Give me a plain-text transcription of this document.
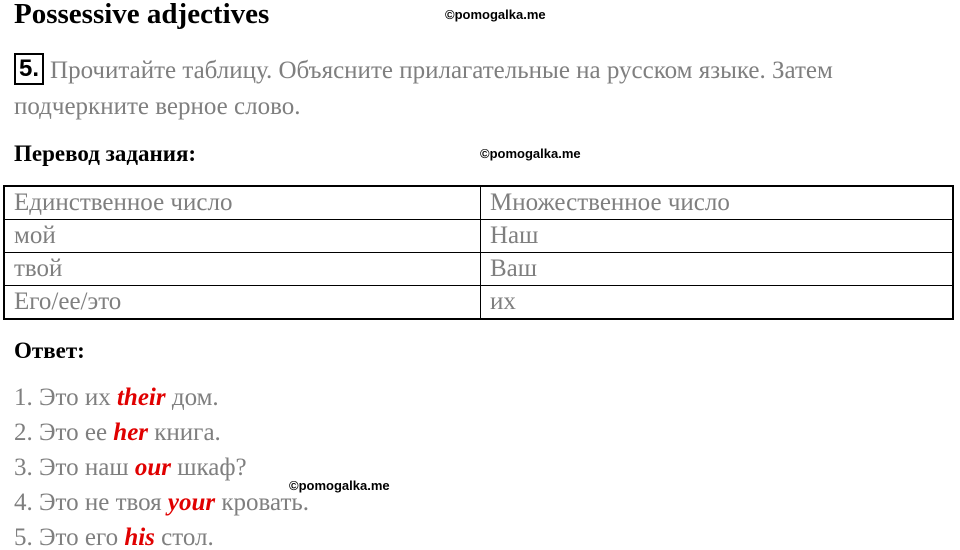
Possessive adjectives	©pomogalka.me
5. Прочитайте таблицу. Объясните прилагательные на русском языке. Затем подчеркните верное слово.
Перевод задания:	©pomogalka.me
Единственное число	Множественное число
мой	Наш
твой	Ваш
Его/ее/это	их
Ответ:
1. Это их their дом.
2. Это ее her книга.
3. Это наш our шкаф?
4. Это не твоя your кровать.
5. Это его his стол.
©pomogalka.me
